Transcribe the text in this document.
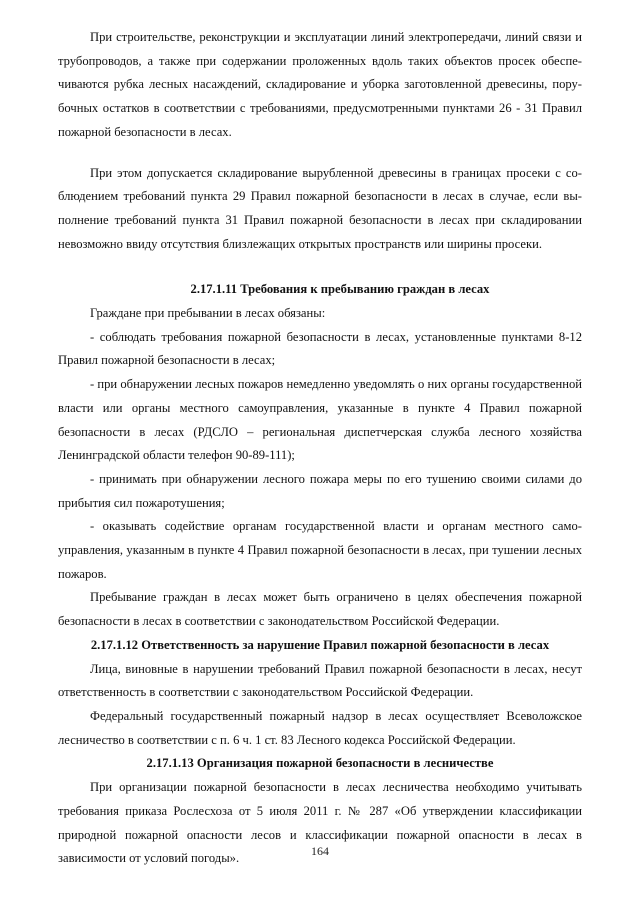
При строительстве, реконструкции и эксплуатации линий электропередачи, линий связи и трубопроводов, а также при содержании проложенных вдоль таких объектов просек обеспечиваются рубка лесных насаждений, складирование и уборка заготовленной древесины, порубочных остатков в соответствии с требованиями, предусмотренными пунктами 26 - 31 Правил пожарной безопасности в лесах.

При этом допускается складирование вырубленной древесины в границах просеки с соблюдением требований пункта 29 Правил пожарной безопасности в лесах в случае, если выполнение требований пункта 31 Правил пожарной безопасности в лесах при складировании невозможно ввиду отсутствия близлежащих открытых пространств или ширины просеки.

2.17.1.11 Требования к пребыванию граждан в лесах

Граждане при пребывании в лесах обязаны:

- соблюдать требования пожарной безопасности в лесах, установленные пунктами 8-12 Правил пожарной безопасности в лесах;

- при обнаружении лесных пожаров немедленно уведомлять о них органы государственной власти или органы местного самоуправления, указанные в пункте 4 Правил пожарной безопасности в лесах (РДСЛО – региональная диспетчерская служба лесного хозяйства Ленинградской области телефон 90-89-111);

- принимать при обнаружении лесного пожара меры по его тушению своими силами до прибытия сил пожаротушения;

- оказывать содействие органам государственной власти и органам местного самоуправления, указанным в пункте 4 Правил пожарной безопасности в лесах, при тушении лесных пожаров.

Пребывание граждан в лесах может быть ограничено в целях обеспечения пожарной безопасности в лесах в соответствии с законодательством Российской Федерации.

2.17.1.12 Ответственность за нарушение Правил пожарной безопасности в лесах

Лица, виновные в нарушении требований Правил пожарной безопасности в лесах, несут ответственность в соответствии с законодательством Российской Федерации.

Федеральный государственный пожарный надзор в лесах осуществляет Всеволожское лесничество в соответствии с п. 6 ч. 1 ст. 83 Лесного кодекса Российской Федерации.

2.17.1.13 Организация пожарной безопасности в лесничестве

При организации пожарной безопасности в лесах лесничества необходимо учитывать требования приказа Рослесхоза от 5 июля 2011 г. № 287 «Об утверждении классификации природной пожарной опасности лесов и классификации пожарной опасности в лесах в зависимости от условий погоды».

164
